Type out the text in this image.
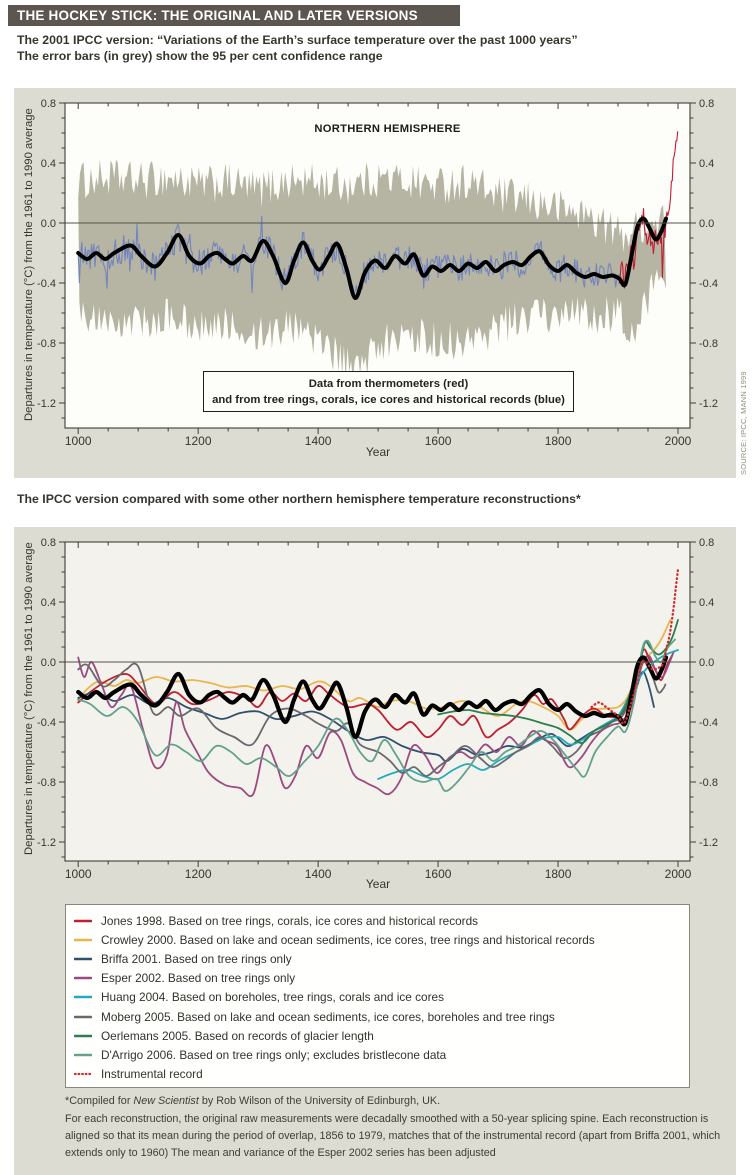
THE HOCKEY STICK: THE ORIGINAL AND LATER VERSIONS
The 2001 IPCC version: “Variations of the Earth’s surface temperature over the past 1000 years”
The error bars (in grey) show the 95 per cent confidence range
1000	1200	1400	1600	1800	2000
0.8	0.8
0.4	0.4
0.0	0.0
-0.4	-0.4
-0.8	-0.8
-1.2	-1.2
1000	1200	1400	1600	1800	2000
0.8	0.8
0.4	0.4
0.0	0.0
-0.4	-0.4
-0.8	-0.8
-1.2	-1.2
Departures in temperature (°C) from the 1961 to 1990 average	NORTHERN HEMISPHERE
Data from thermometers (red)
and from tree rings, corals, ice cores and historical records (blue)
Year	SOURCE: IPCC, MANN 1999
The IPCC version compared with some other northern hemisphere temperature reconstructions*
Departures in temperature (°C) from the 1961 to 1990 average
Year
Jones 1998. Based on tree rings, corals, ice cores and historical records
Crowley 2000. Based on lake and ocean sediments, ice cores, tree rings and historical records
Briffa 2001. Based on tree rings only
Esper 2002. Based on tree rings only
Huang 2004. Based on boreholes, tree rings, corals and ice cores
Moberg 2005. Based on lake and ocean sediments, ice cores, boreholes and tree rings
Oerlemans 2005. Based on records of glacier length
D'Arrigo 2006. Based on tree rings only; excludes bristlecone data
Instrumental record
*Compiled for New Scientist by Rob Wilson of the University of Edinburgh, UK.
For each reconstruction, the original raw measurements were decadally smoothed with a 50-year splicing spine. Each reconstruction is aligned so that its mean during the period of overlap, 1856 to 1979, matches that of the instrumental record (apart from Briffa 2001, which extends only to 1960) The mean and variance of the Esper 2002 series has been adjusted
